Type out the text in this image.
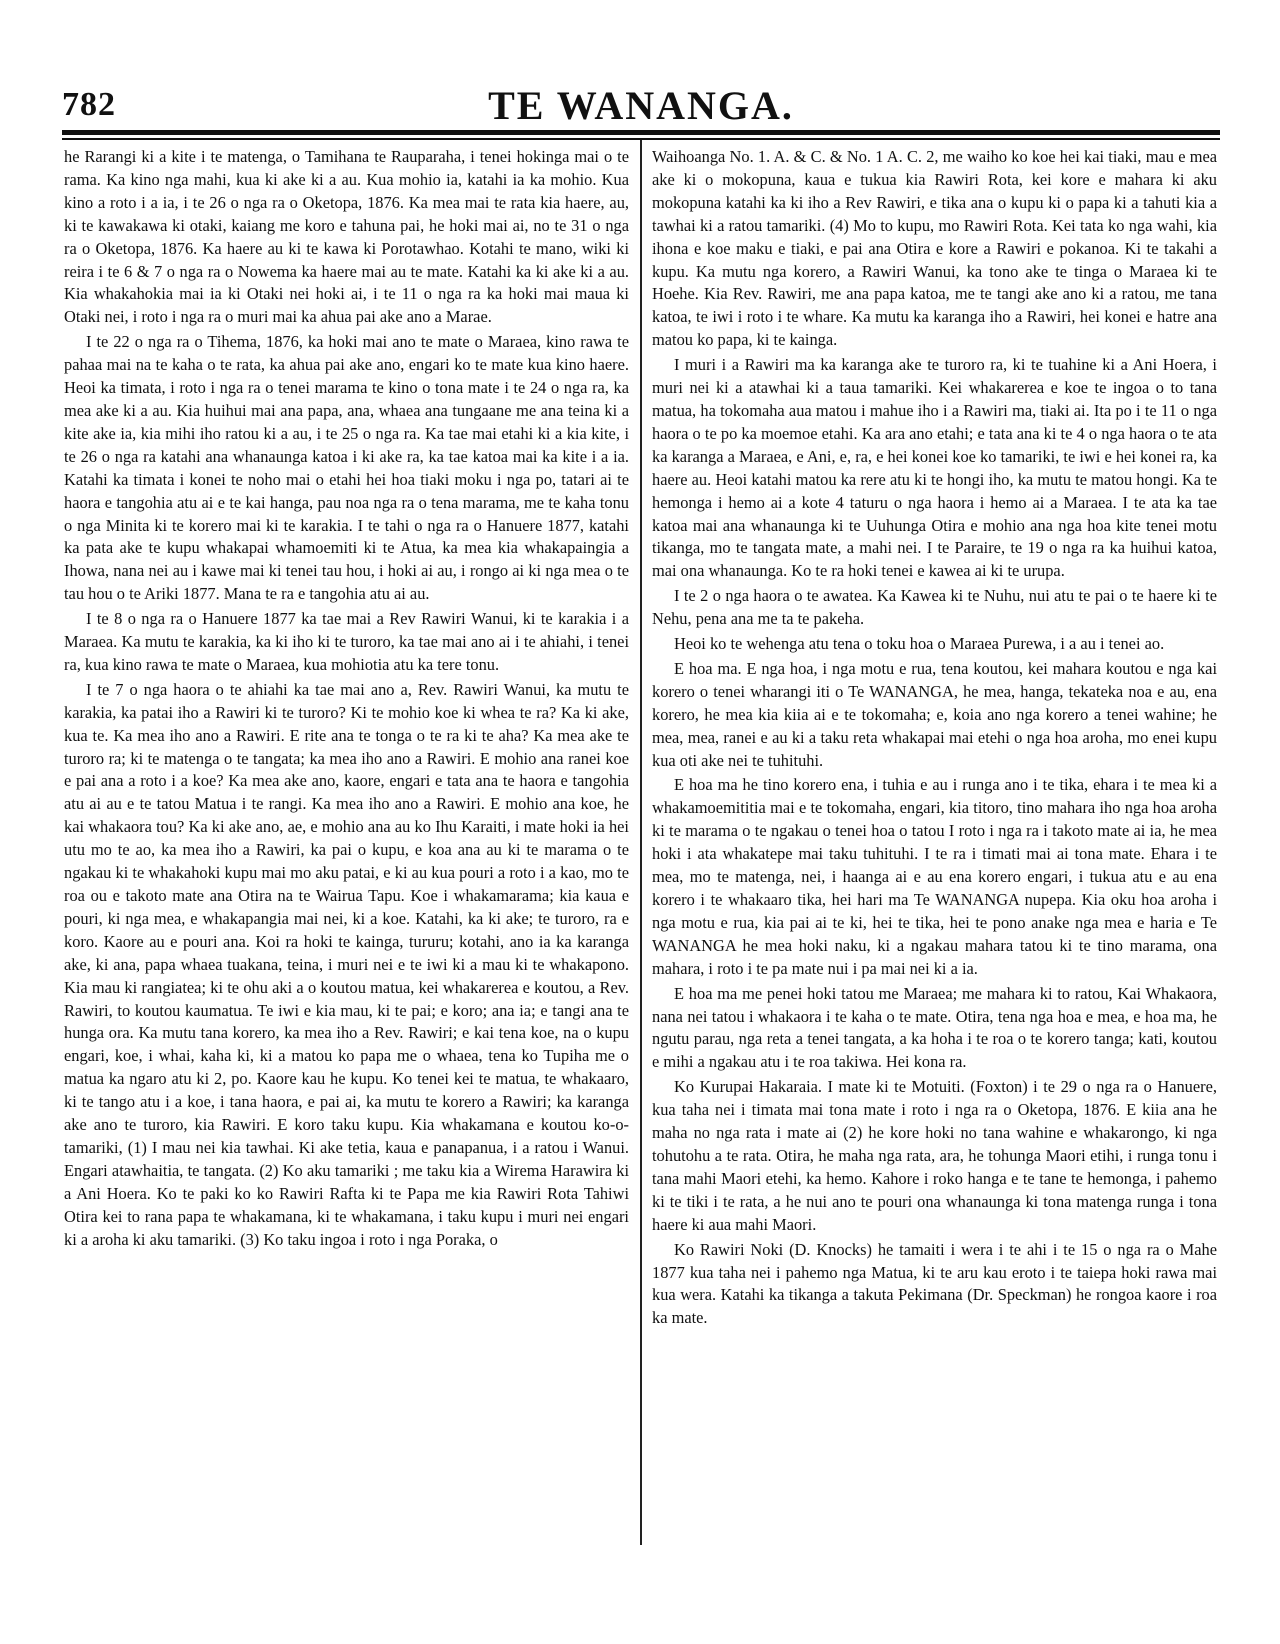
782	TE WANANGA.

he Rarangi ki a kite i te matenga, o Tamihana te Rauparaha, i tenei hokinga mai o te rama. Ka kino nga mahi, kua ki ake ki a au. Kua mohio ia, katahi ia ka mohio. Kua kino a roto i a ia, i te 26 o nga ra o Oketopa, 1876. Ka mea mai te rata kia haere, au, ki te kawakawa ki otaki, kaiang me koro e tahuna pai, he hoki mai ai, no te 31 o nga ra o Oketopa, 1876. Ka haere au ki te kawa ki Porotawhao. Kotahi te mano, wiki ki reira i te 6 & 7 o nga ra o Nowema ka haere mai au te mate. Katahi ka ki ake ki a au. Kia whakahokia mai ia ki Otaki nei hoki ai, i te 11 o nga ra ka hoki mai maua ki Otaki nei, i roto i nga ra o muri mai ka ahua pai ake ano a Marae.

I te 22 o nga ra o Tihema, 1876, ka hoki mai ano te mate o Maraea, kino rawa te pahaa mai na te kaha o te rata, ka ahua pai ake ano, engari ko te mate kua kino haere. Heoi ka timata, i roto i nga ra o tenei marama te kino o tona mate i te 24 o nga ra, ka mea ake ki a au. Kia huihui mai ana papa, ana, whaea ana tungaane me ana teina ki a kite ake ia, kia mihi iho ratou ki a au, i te 25 o nga ra. Ka tae mai etahi ki a kia kite, i te 26 o nga ra katahi ana whanaunga katoa i ki ake ra, ka tae katoa mai ka kite i a ia. Katahi ka timata i konei te noho mai o etahi hei hoa tiaki moku i nga po, tatari ai te haora e tangohia atu ai e te kai hanga, pau noa nga ra o tena marama, me te kaha tonu o nga Minita ki te korero mai ki te karakia. I te tahi o nga ra o Hanuere 1877, katahi ka pata ake te kupu whakapai whamoemiti ki te Atua, ka mea kia whakapaingia a Ihowa, nana nei au i kawe mai ki tenei tau hou, i hoki ai au, i rongo ai ki nga mea o te tau hou o te Ariki 1877. Mana te ra e tangohia atu ai au.

I te 8 o nga ra o Hanuere 1877 ka tae mai a Rev Rawiri Wanui, ki te karakia i a Maraea. Ka mutu te karakia, ka ki iho ki te turoro, ka tae mai ano ai i te ahiahi, i tenei ra, kua kino rawa te mate o Maraea, kua mohiotia atu ka tere tonu.

I te 7 o nga haora o te ahiahi ka tae mai ano a, Rev. Rawiri Wanui, ka mutu te karakia, ka patai iho a Rawiri ki te turoro? Ki te mohio koe ki whea te ra? Ka ki ake, kua te. Ka mea iho ano a Rawiri. E rite ana te tonga o te ra ki te aha? Ka mea ake te turoro ra; ki te matenga o te tangata; ka mea iho ano a Rawiri. E mohio ana ranei koe e pai ana a roto i a koe? Ka mea ake ano, kaore, engari e tata ana te haora e tangohia atu ai au e te tatou Matua i te rangi. Ka mea iho ano a Rawiri. E mohio ana koe, he kai whakaora tou? Ka ki ake ano, ae, e mohio ana au ko Ihu Karaiti, i mate hoki ia hei utu mo te ao, ka mea iho a Rawiri, ka pai o kupu, e koa ana au ki te marama o te ngakau ki te whakahoki kupu mai mo aku patai, e ki au kua pouri a roto i a kao, mo te roa ou e takoto mate ana Otira na te Wairua Tapu. Koe i whakamarama; kia kaua e pouri, ki nga mea, e whakapangia mai nei, ki a koe. Katahi, ka ki ake; te turoro, ra e koro. Kaore au e pouri ana. Koi ra hoki te kainga, tururu; kotahi, ano ia ka karanga ake, ki ana, papa whaea tuakana, teina, i muri nei e te iwi ki a mau ki te whakapono. Kia mau ki rangiatea; ki te ohu aki a o koutou matua, kei whakarerea e koutou, a Rev. Rawiri, to koutou kaumatua. Te iwi e kia mau, ki te pai; e koro; ana ia; e tangi ana te hunga ora. Ka mutu tana korero, ka mea iho a Rev. Rawiri; e kai tena koe, na o kupu engari, koe, i whai, kaha ki, ki a matou ko papa me o whaea, tena ko Tupiha me o matua ka ngaro atu ki 2, po. Kaore kau he kupu. Ko tenei kei te matua, te whakaaro, ki te tango atu i a koe, i tana haora, e pai ai, ka mutu te korero a Rawiri; ka karanga ake ano te turoro, kia Rawiri. E koro taku kupu. Kia whakamana e koutou ko-o-tamariki, (1) I mau nei kia tawhai. Ki ake tetia, kaua e panapanua, i a ratou i Wanui. Engari atawhaitia, te tangata. (2) Ko aku tamariki ; me taku kia a Wirema Harawira ki a Ani Hoera. Ko te paki ko ko Rawiri Rafta ki te Papa me kia Rawiri Rota Tahiwi Otira kei to rana papa te whakamana, ki te whakamana, i taku kupu i muri nei engari ki a aroha ki aku tamariki. (3) Ko taku ingoa i roto i nga Poraka, o

Waihoanga No. 1. A. & C. & No. 1 A. C. 2, me waiho ko koe hei kai tiaki, mau e mea ake ki o mokopuna, kaua e tukua kia Rawiri Rota, kei kore e mahara ki aku mokopuna katahi ka ki iho a Rev Rawiri, e tika ana o kupu ki o papa ki a tahuti kia a tawhai ki a ratou tamariki. (4) Mo to kupu, mo Rawiri Rota. Kei tata ko nga wahi, kia ihona e koe maku e tiaki, e pai ana Otira e kore a Rawiri e pokanoa. Ki te takahi a kupu. Ka mutu nga korero, a Rawiri Wanui, ka tono ake te tinga o Maraea ki te Hoehe. Kia Rev. Rawiri, me ana papa katoa, me te tangi ake ano ki a ratou, me tana katoa, te iwi i roto i te whare. Ka mutu ka karanga iho a Rawiri, hei konei e hatre ana matou ko papa, ki te kainga.

I muri i a Rawiri ma ka karanga ake te turoro ra, ki te tuahine ki a Ani Hoera, i muri nei ki a atawhai ki a taua tamariki. Kei whakarerea e koe te ingoa o to tana matua, ha tokomaha aua matou i mahue iho i a Rawiri ma, tiaki ai. Ita po i te 11 o nga haora o te po ka moemoe etahi. Ka ara ano etahi; e tata ana ki te 4 o nga haora o te ata ka karanga a Maraea, e Ani, e, ra, e hei konei koe ko tamariki, te iwi e hei konei ra, ka haere au. Heoi katahi matou ka rere atu ki te hongi iho, ka mutu te matou hongi. Ka te hemonga i hemo ai a kote 4 taturu o nga haora i hemo ai a Maraea. I te ata ka tae katoa mai ana whanaunga ki te Uuhunga Otira e mohio ana nga hoa kite tenei motu tikanga, mo te tangata mate, a mahi nei. I te Paraire, te 19 o nga ra ka huihui katoa, mai ona whanaunga. Ko te ra hoki tenei e kawea ai ki te urupa.

I te 2 o nga haora o te awatea. Ka Kawea ki te Nuhu, nui atu te pai o te haere ki te Nehu, pena ana me ta te pakeha.

Heoi ko te wehenga atu tena o toku hoa o Maraea Purewa, i a au i tenei ao.

E hoa ma. E nga hoa, i nga motu e rua, tena koutou, kei mahara koutou e nga kai korero o tenei wharangi iti o Te WANANGA, he mea, hanga, tekateka noa e au, ena korero, he mea kia kiia ai e te tokomaha; e, koia ano nga korero a tenei wahine; he mea, mea, ranei e au ki a taku reta whakapai mai etehi o nga hoa aroha, mo enei kupu kua oti ake nei te tuhituhi.

E hoa ma he tino korero ena, i tuhia e au i runga ano i te tika, ehara i te mea ki a whakamoemititia mai e te tokomaha, engari, kia titoro, tino mahara iho nga hoa aroha ki te marama o te ngakau o tenei hoa o tatou I roto i nga ra i takoto mate ai ia, he mea hoki i ata whakatepe mai taku tuhituhi. I te ra i timati mai ai tona mate. Ehara i te mea, mo te matenga, nei, i haanga ai e au ena korero engari, i tukua atu e au ena korero i te whakaaro tika, hei hari ma Te WANANGA nupepa. Kia oku hoa aroha i nga motu e rua, kia pai ai te ki, hei te tika, hei te pono anake nga mea e haria e Te WANANGA he mea hoki naku, ki a ngakau mahara tatou ki te tino marama, ona mahara, i roto i te pa mate nui i pa mai nei ki a ia.

E hoa ma me penei hoki tatou me Maraea; me mahara ki to ratou, Kai Whakaora, nana nei tatou i whakaora i te kaha o te mate. Otira, tena nga hoa e mea, e hoa ma, he ngutu parau, nga reta a tenei tangata, a ka hoha i te roa o te korero tanga; kati, koutou e mihi a ngakau atu i te roa takiwa. Hei kona ra.

Ko Kurupai Hakaraia. I mate ki te Motuiti. (Foxton) i te 29 o nga ra o Hanuere, kua taha nei i timata mai tona mate i roto i nga ra o Oketopa, 1876. E kiia ana he maha no nga rata i mate ai (2) he kore hoki no tana wahine e whakarongo, ki nga tohutohu a te rata. Otira, he maha nga rata, ara, he tohunga Maori etihi, i runga tonu i tana mahi Maori etehi, ka hemo. Kahore i roko hanga e te tane te hemonga, i pahemo ki te tiki i te rata, a he nui ano te pouri ona whanaunga ki tona matenga runga i tona haere ki aua mahi Maori.

Ko Rawiri Noki (D. Knocks) he tamaiti i wera i te ahi i te 15 o nga ra o Mahe 1877 kua taha nei i pahemo nga Matua, ki te aru kau eroto i te taiepa hoki rawa mai kua wera. Katahi ka tikanga a takuta Pekimana (Dr. Speckman) he rongoa kaore i roa ka mate.
